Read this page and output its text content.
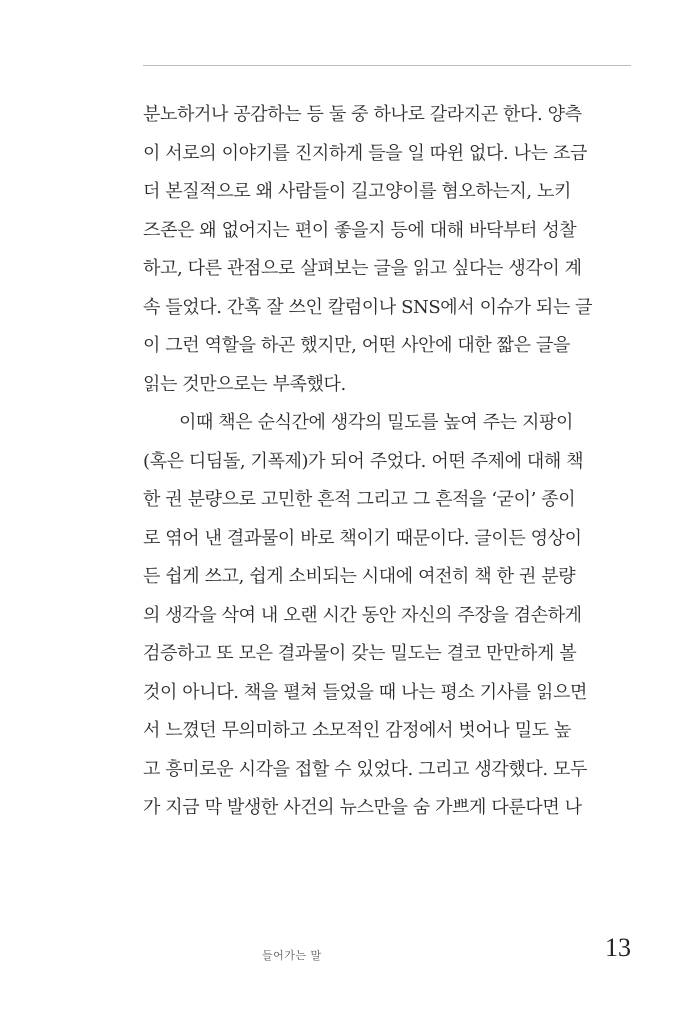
분노하거나 공감하는 등 둘 중 하나로 갈라지곤 한다. 양측
이 서로의 이야기를 진지하게 들을 일 따윈 없다. 나는 조금
더 본질적으로 왜 사람들이 길고양이를 혐오하는지, 노키
즈존은 왜 없어지는 편이 좋을지 등에 대해 바닥부터 성찰
하고, 다른 관점으로 살펴보는 글을 읽고 싶다는 생각이 계
속 들었다. 간혹 잘 쓰인 칼럼이나 SNS에서 이슈가 되는 글
이 그런 역할을 하곤 했지만, 어떤 사안에 대한 짧은 글을
읽는 것만으로는 부족했다.
이때 책은 순식간에 생각의 밀도를 높여 주는 지팡이
(혹은 디딤돌, 기폭제)가 되어 주었다. 어떤 주제에 대해 책
한 권 분량으로 고민한 흔적 그리고 그 흔적을 ‘굳이’ 종이
로 엮어 낸 결과물이 바로 책이기 때문이다. 글이든 영상이
든 쉽게 쓰고, 쉽게 소비되는 시대에 여전히 책 한 권 분량
의 생각을 삭여 내 오랜 시간 동안 자신의 주장을 겸손하게
검증하고 또 모은 결과물이 갖는 밀도는 결코 만만하게 볼
것이 아니다. 책을 펼쳐 들었을 때 나는 평소 기사를 읽으면
서 느꼈던 무의미하고 소모적인 감정에서 벗어나 밀도 높
고 흥미로운 시각을 접할 수 있었다. 그리고 생각했다. 모두
가 지금 막 발생한 사건의 뉴스만을 숨 가쁘게 다룬다면 나
들어가는 말	13
